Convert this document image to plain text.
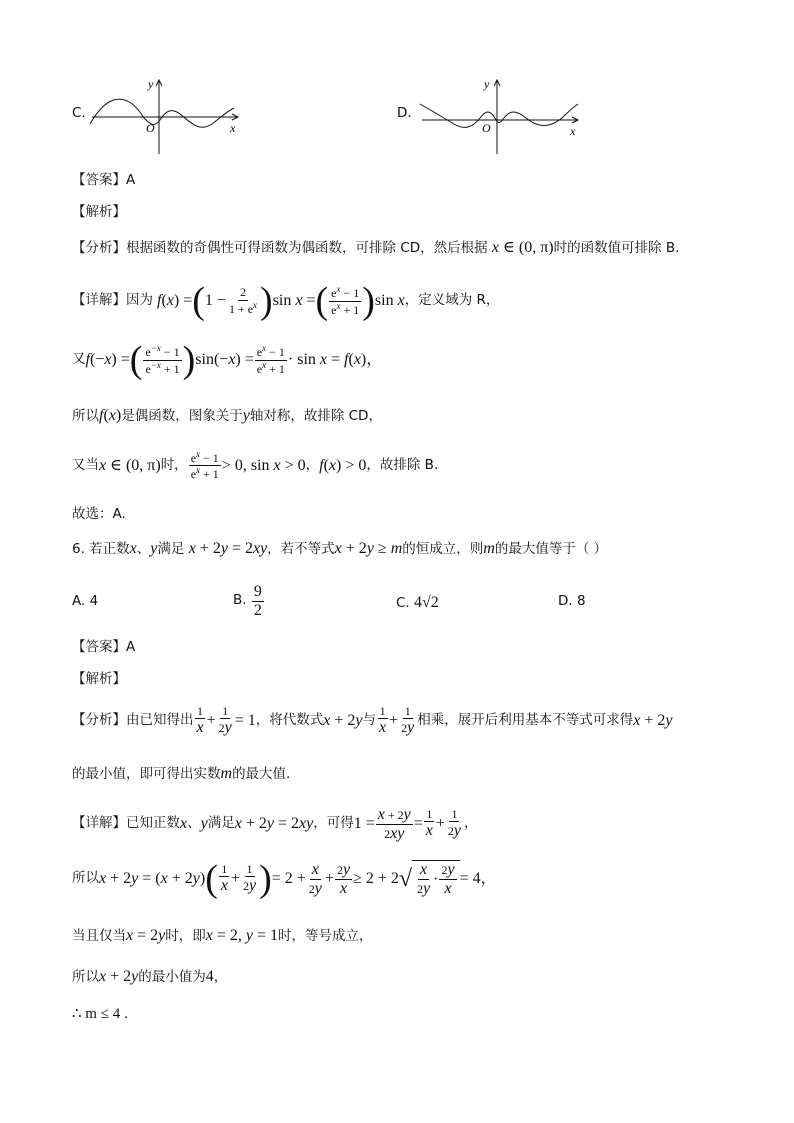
C.
y
x
O
D.
y
x
O
【答案】A
【解析】
【分析】根据函数的奇偶性可得函数为偶函数，可排除 CD，然后根据 x ∈ (0, π)时的函数值可排除 B.
【详解】 因为 f(x) = ( $1 - \frac{2}{1 + e^x}$ ) sin x = ( $\frac{e^x - 1}{e^x + 1}$ ) sin x ，定义域为 R，
又 f(−x) = ( $\frac{e^{-x} - 1}{e^{-x} + 1}$ ) $\sin(-x) = \frac{e^x - 1}{e^x + 1} \cdot \sin x = f(x)$，
所以f(x)是偶函数，图象关于y轴对称，故排除 CD，
又当 x ∈ (0, π) 时， $\frac{e^x - 1}{e^x + 1} > 0$, sin x > 0 ， f(x) > 0 ，故排除 B.
故选：A.
6. 若正数x、y满足 x + 2y = 2xy，若不等式x + 2y ≥ m的恒成立，则m的最大值等于（ ）
A. 4	B.
$\frac{9}{2}$	C. 4√2	D. 8
【答案】A
【解析】
【分析】 由已知得出 $\frac{1}{x} + \frac{1}{2y} = 1$ ，将代数式 x + 2y 与 $\frac{1}{x} + \frac{1}{2y}$ 相乘，展开后利用基本不等式可求得 x + 2y
的最小值，即可得出实数m的最大值.
【详解】 已知正数 x 、 y 满足 x + 2y = 2xy ，可得 $1 = \frac{x + 2y}{2xy} = \frac{1}{x} + \frac{1}{2y}$ ，
所以 x + 2y = (x + 2y) ( $\frac{1}{x} + \frac{1}{2y}$ ) = $2 + \frac{x}{2y} + \frac{2y}{x} \ge 2 + 2$ √ $\frac{x}{2y} \cdot \frac{2y}{x} = 4$，
当且仅当x = 2y时，即x = 2, y = 1时，等号成立，
所以x + 2y的最小值为4，
∴ m ≤ 4 .
